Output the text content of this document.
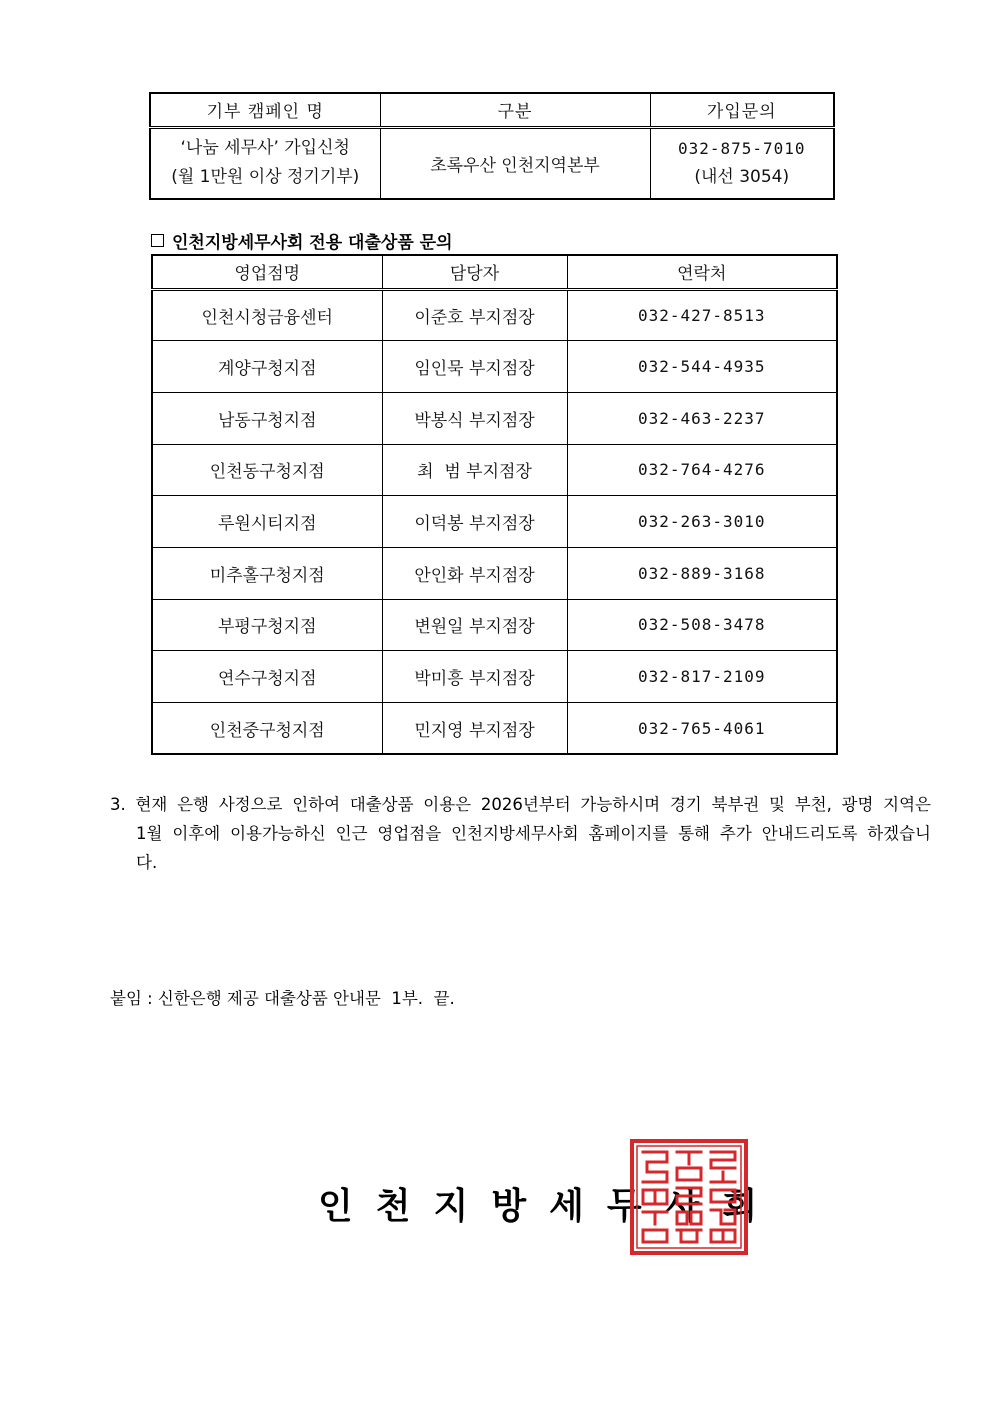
기부 캠페인 명	구분	가입문의

‘나눔 세무사’ 가입신청
(월 1만원 이상 정기기부)	초록우산 인천지역본부	032-875-7010
(내선 3054)
인천지방세무사회 전용 대출상품 문의
영업점명	담당자	연락처
인천시청금융센터	이준호 부지점장	032-427-8513
계양구청지점	임인묵 부지점장	032-544-4935
남동구청지점	박봉식 부지점장	032-463-2237
인천동구청지점	최  범 부지점장	032-764-4276
루원시티지점	이덕봉 부지점장	032-263-3010
미추홀구청지점	안인화 부지점장	032-889-3168
부평구청지점	변원일 부지점장	032-508-3478
연수구청지점	박미흥 부지점장	032-817-2109
인천중구청지점	민지영 부지점장	032-765-4061
3. 현재 은행 사정으로 인하여 대출상품 이용은 2026년부터 가능하시며 경기 북부권 및 부천, 광명 지역은 1월 이후에 이용가능하신 인근 영업점을 인천지방세무사회 홈페이지를 통해 추가 안내드리도록 하겠습니다.
붙임 : 신한은행 제공 대출상품 안내문  1부.  끝.
인천지방세무사회
